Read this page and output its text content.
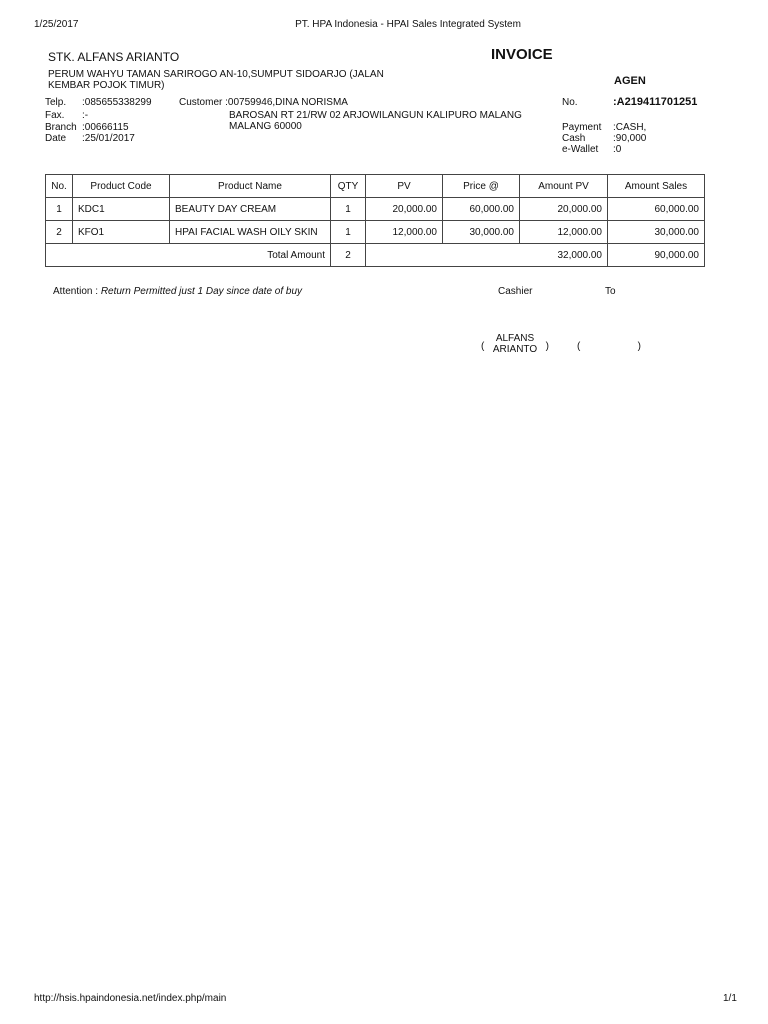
1/25/2017	PT. HPA Indonesia - HPAI Sales Integrated System
STK. ALFANS ARIANTO	INVOICE
PERUM WAHYU TAMAN SARIROGO AN-10,SUMPUT SIDOARJO (JALAN KEMBAR POJOK TIMUR)	AGEN
Telp. :085655338299
Fax. :-
Branch :00666115
Date :25/01/2017
Customer :00759946,DINA NORISMA
BAROSAN RT 21/RW 02 ARJOWILANGUN KALIPURO MALANG MALANG 60000
No.	:A219411701251
Payment :CASH,
Cash	:90,000
e-Wallet :0
No.	Product Code	Product Name	QTY	PV	Price @	Amount PV	Amount Sales
1	KDC1	BEAUTY DAY CREAM	1	20,000.00	60,000.00	20,000.00	60,000.00
2	KFO1	HPAI FACIAL WASH OILY SKIN	1	12,000.00	30,000.00	12,000.00	30,000.00
Total Amount			2	32,000.00			90,000.00
Attention : Return Permitted just 1 Day since date of buy	Cashier	To
(
ALFANS ARIANTO )	(	)
http://hsis.hpaindonesia.net/index.php/main	1/1
